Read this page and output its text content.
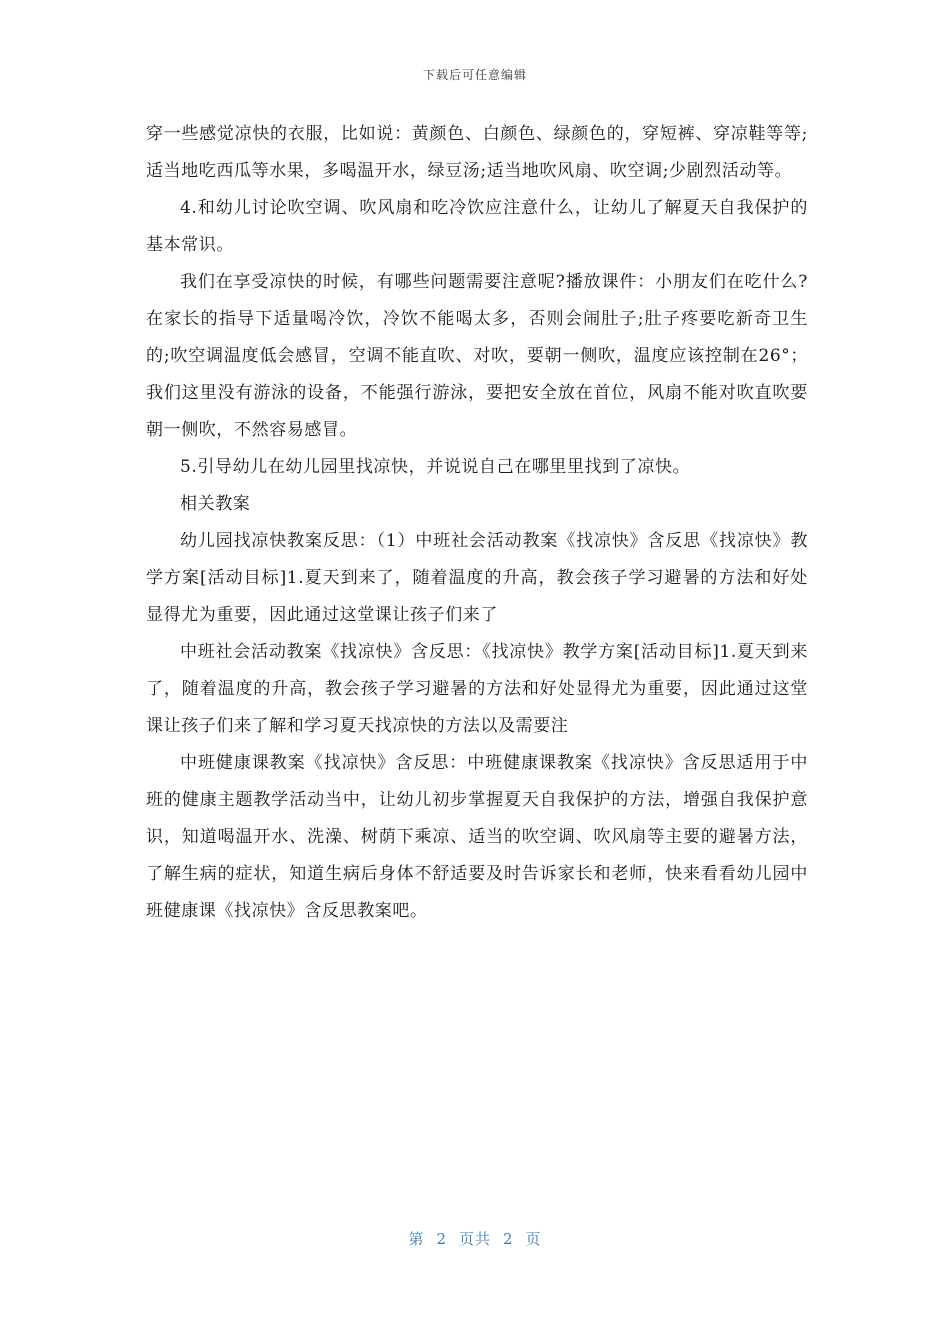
下载后可任意编辑

穿一些感觉凉快的衣服，比如说：黄颜色、白颜色、绿颜色的，穿短裤、穿凉鞋等等;适当地吃西瓜等水果，多喝温开水，绿豆汤;适当地吹风扇、吹空调;少剧烈活动等。

4.和幼儿讨论吹空调、吹风扇和吃冷饮应注意什么，让幼儿了解夏天自我保护的基本常识。

我们在享受凉快的时候，有哪些问题需要注意呢?播放课件：小朋友们在吃什么?在家长的指导下适量喝冷饮，冷饮不能喝太多，否则会闹肚子;肚子疼要吃新奇卫生的;吹空调温度低会感冒，空调不能直吹、对吹，要朝一侧吹，温度应该控制在26°；我们这里没有游泳的设备，不能强行游泳，要把安全放在首位，风扇不能对吹直吹要朝一侧吹，不然容易感冒。

5.引导幼儿在幼儿园里找凉快，并说说自己在哪里里找到了凉快。

相关教案

幼儿园找凉快教案反思：（1）中班社会活动教案《找凉快》含反思《找凉快》教学方案[活动目标]1.夏天到来了，随着温度的升高，教会孩子学习避暑的方法和好处显得尤为重要，因此通过这堂课让孩子们来了

中班社会活动教案《找凉快》含反思：《找凉快》教学方案[活动目标]1.夏天到来了，随着温度的升高，教会孩子学习避暑的方法和好处显得尤为重要，因此通过这堂课让孩子们来了解和学习夏天找凉快的方法以及需要注

中班健康课教案《找凉快》含反思：中班健康课教案《找凉快》含反思适用于中班的健康主题教学活动当中，让幼儿初步掌握夏天自我保护的方法，增强自我保护意识，知道喝温开水、洗澡、树荫下乘凉、适当的吹空调、吹风扇等主要的避暑方法，了解生病的症状，知道生病后身体不舒适要及时告诉家长和老师，快来看看幼儿园中班健康课《找凉快》含反思教案吧。

第 2 页共 2 页
